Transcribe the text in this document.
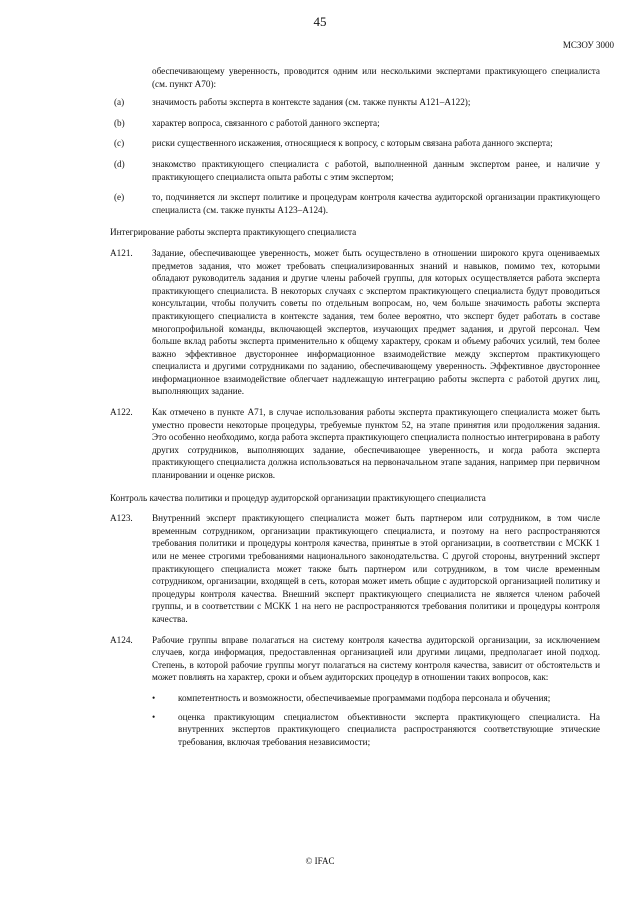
45
МСЗОУ 3000

обеспечивающему уверенность, проводится одним или несколькими экспертами практикующего специалиста (см. пункт A70):

(a)	значимость работы эксперта в контексте задания (см. также пункты A121–A122);
(b)	характер вопроса, связанного с работой данного эксперта;
(c)	риски существенного искажения, относящиеся к вопросу, с которым связана работа данного эксперта;
(d)	знакомство практикующего специалиста с работой, выполненной данным экспертом ранее, и наличие у практикующего специалиста опыта работы с этим экспертом;
(e)	то, подчиняется ли эксперт политике и процедурам контроля качества аудиторской организации практикующего специалиста (см. также пункты A123–A124).
Интегрирование работы эксперта практикующего специалиста
A121.	Задание, обеспечивающее уверенность, может быть осуществлено в отношении широкого круга оцениваемых предметов задания, что может требовать специализированных знаний и навыков, помимо тех, которыми обладают руководитель задания и другие члены рабочей группы, для которых осуществляется работа эксперта практикующего специалиста. В некоторых случаях с экспертом практикующего специалиста будут проводиться консультации, чтобы получить советы по отдельным вопросам, но, чем больше значимость работы эксперта практикующего специалиста в контексте задания, тем более вероятно, что эксперт будет работать в составе многопрофильной команды, включающей экспертов, изучающих предмет задания, и другой персонал. Чем больше вклад работы эксперта применительно к общему характеру, срокам и объему рабочих усилий, тем более важно эффективное двустороннее информационное взаимодействие между экспертом практикующего специалиста и другими сотрудниками по заданию, обеспечивающему уверенность. Эффективное двустороннее информационное взаимодействие облегчает надлежащую интеграцию работы эксперта с работой других лиц, выполняющих задание.
A122.	Как отмечено в пункте A71, в случае использования работы эксперта практикующего специалиста может быть уместно провести некоторые процедуры, требуемые пунктом 52, на этапе принятия или продолжения задания. Это особенно необходимо, когда работа эксперта практикующего специалиста полностью интегрирована в работу других сотрудников, выполняющих задание, обеспечивающее уверенность, и когда работа эксперта практикующего специалиста должна использоваться на первоначальном этапе задания, например при первичном планировании и оценке рисков.
Контроль качества политики и процедур аудиторской организации практикующего специалиста
A123.	Внутренний эксперт практикующего специалиста может быть партнером или сотрудником, в том числе временным сотрудником, организации практикующего специалиста, и поэтому на него распространяются требования политики и процедуры контроля качества, принятые в этой организации, в соответствии с МСКК 1 или не менее строгими требованиями национального законодательства. С другой стороны, внутренний эксперт практикующего специалиста может также быть партнером или сотрудником, в том числе временным сотрудником, организации, входящей в сеть, которая может иметь общие с аудиторской организацией политику и процедуры контроля качества. Внешний эксперт практикующего специалиста не является членом рабочей группы, и в соответствии с МСКК 1 на него не распространяются требования политики и процедуры контроля качества.
A124.	Рабочие группы вправе полагаться на систему контроля качества аудиторской организации, за исключением случаев, когда информация, предоставленная организацией или другими лицами, предполагает иной подход. Степень, в которой рабочие группы могут полагаться на систему контроля качества, зависит от обстоятельств и может повлиять на характер, сроки и объем аудиторских процедур в отношении таких вопросов, как:
•	компетентность и возможности, обеспечиваемые программами подбора персонала и обучения;
•	оценка практикующим специалистом объективности эксперта практикующего специалиста. На внутренних экспертов практикующего специалиста распространяются соответствующие этические требования, включая требования независимости;
© IFAC
